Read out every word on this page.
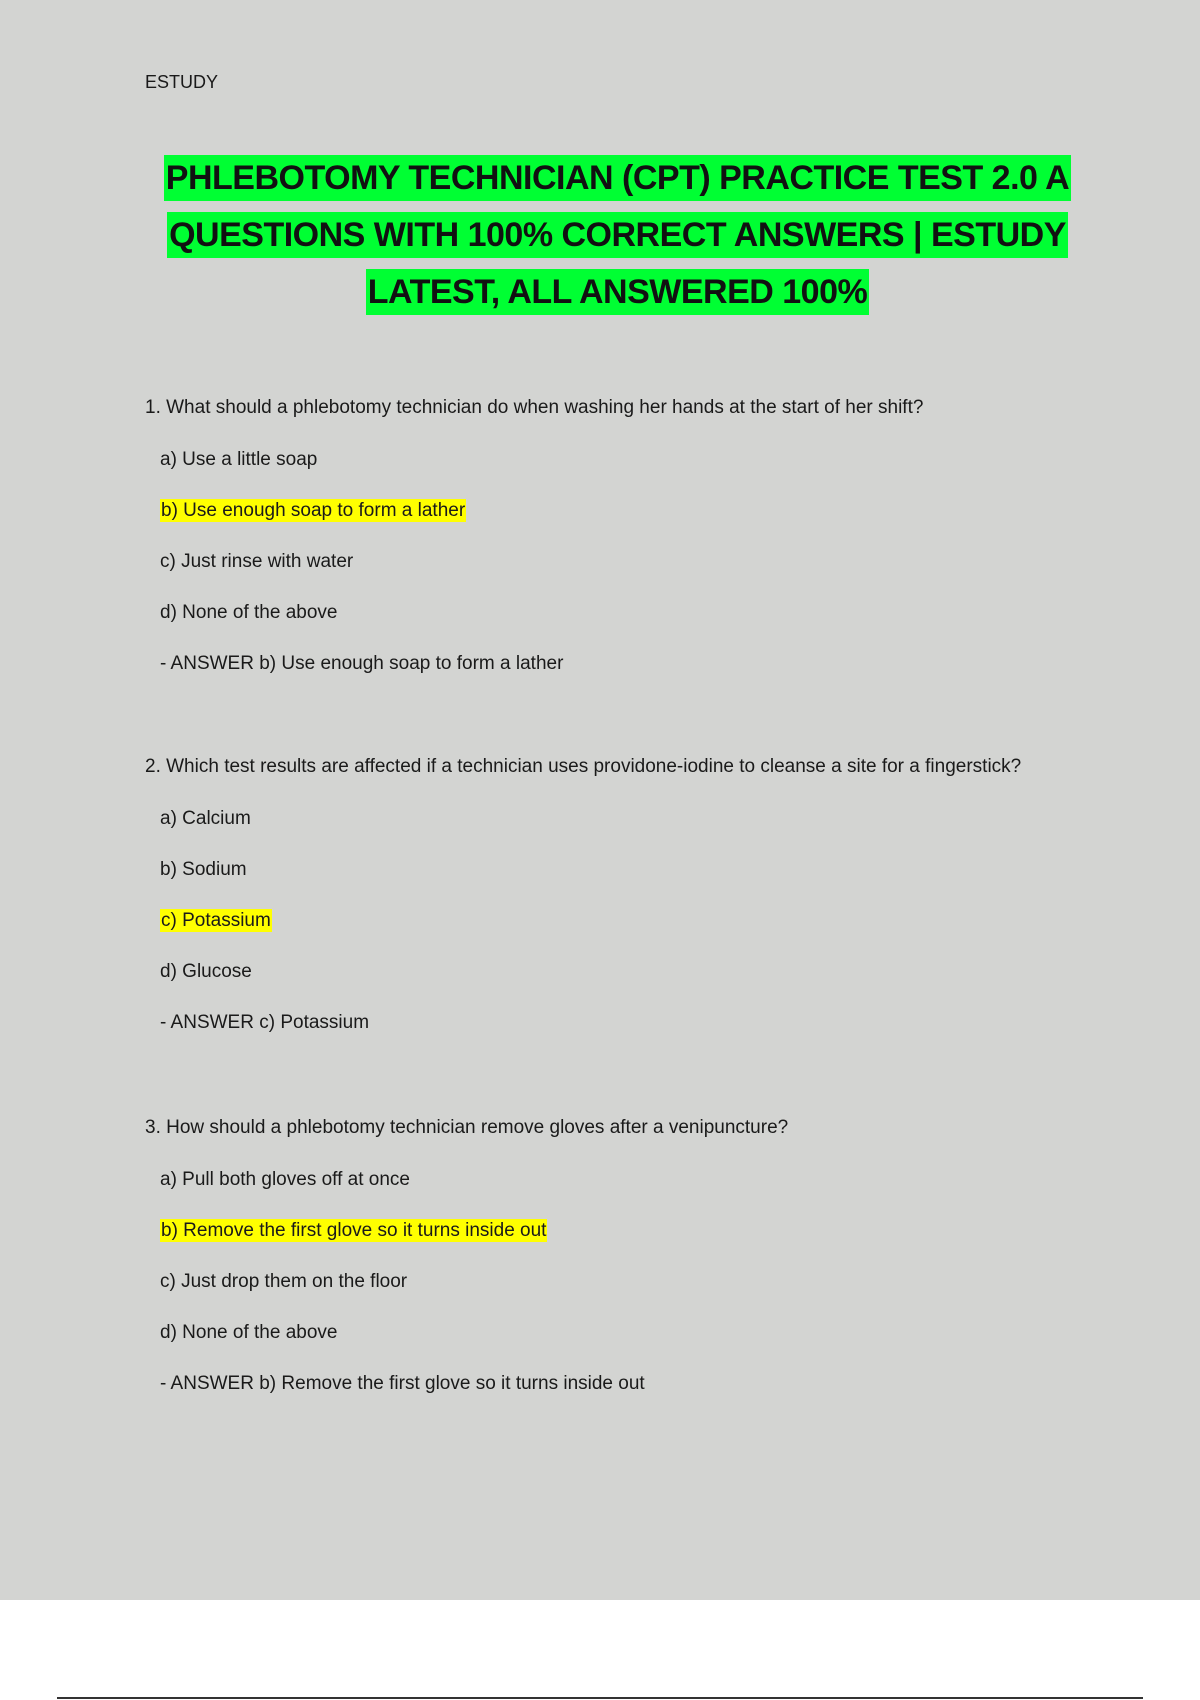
ESTUDY
PHLEBOTOMY TECHNICIAN (CPT) PRACTICE TEST 2.0 A
QUESTIONS WITH 100% CORRECT ANSWERS | ESTUDY
LATEST, ALL ANSWERED 100%
1. What should a phlebotomy technician do when washing her hands at the start of her shift?
a) Use a little soap
b) Use enough soap to form a lather
c) Just rinse with water
d) None of the above
- ANSWER b) Use enough soap to form a lather
2. Which test results are affected if a technician uses providone-iodine to cleanse a site for a fingerstick?
a) Calcium
b) Sodium
c) Potassium
d) Glucose
- ANSWER c) Potassium
3. How should a phlebotomy technician remove gloves after a venipuncture?
a) Pull both gloves off at once
b) Remove the first glove so it turns inside out
c) Just drop them on the floor
d) None of the above
- ANSWER b) Remove the first glove so it turns inside out
